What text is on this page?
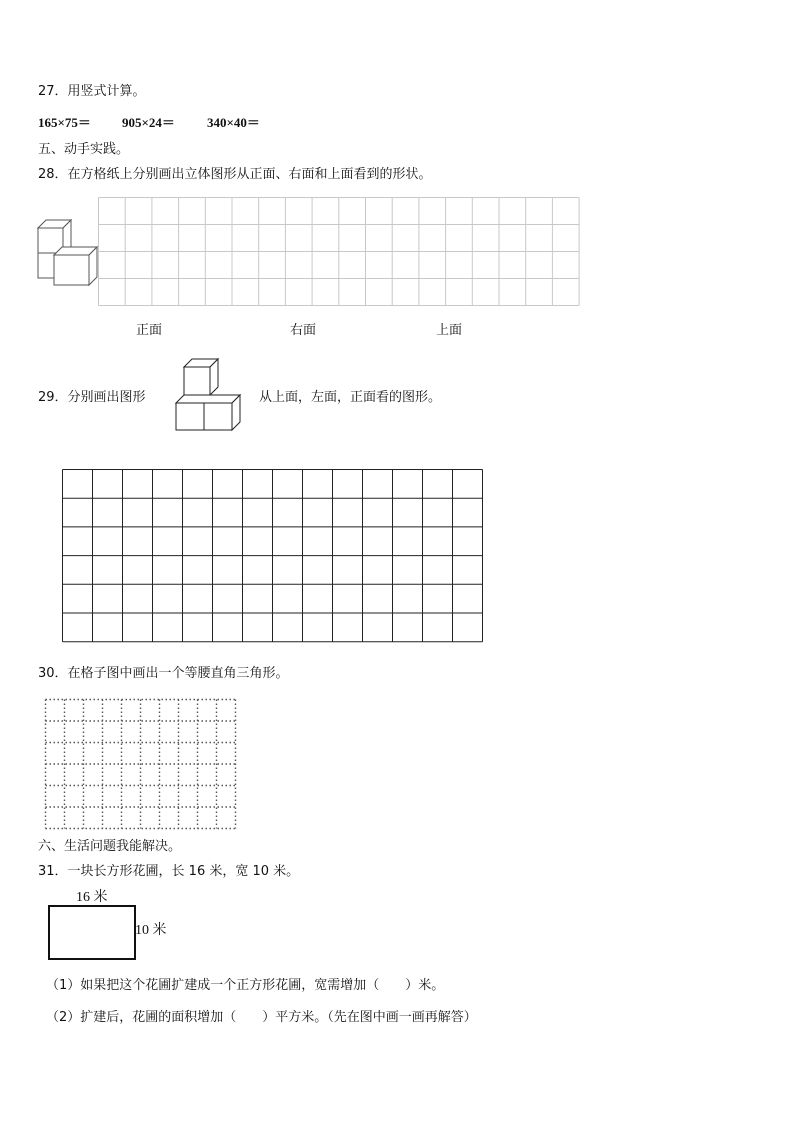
27．用竖式计算。
165×75＝ 905×24＝ 340×40＝
五、动手实践。
28．在方格纸上分别画出立体图形从正面、右面和上面看到的形状。
正面	右面	上面
29．分别画出图形	从上面，左面，正面看的图形。
30．在格子图中画出一个等腰直角三角形。
六、生活问题我能解决。
31．一块长方形花圃，长 16 米，宽 10 米。
16 米
10 米
（1）如果把这个花圃扩建成一个正方形花圃，宽需增加（　　）米。
（2）扩建后，花圃的面积增加（　　）平方米。（先在图中画一画再解答）
